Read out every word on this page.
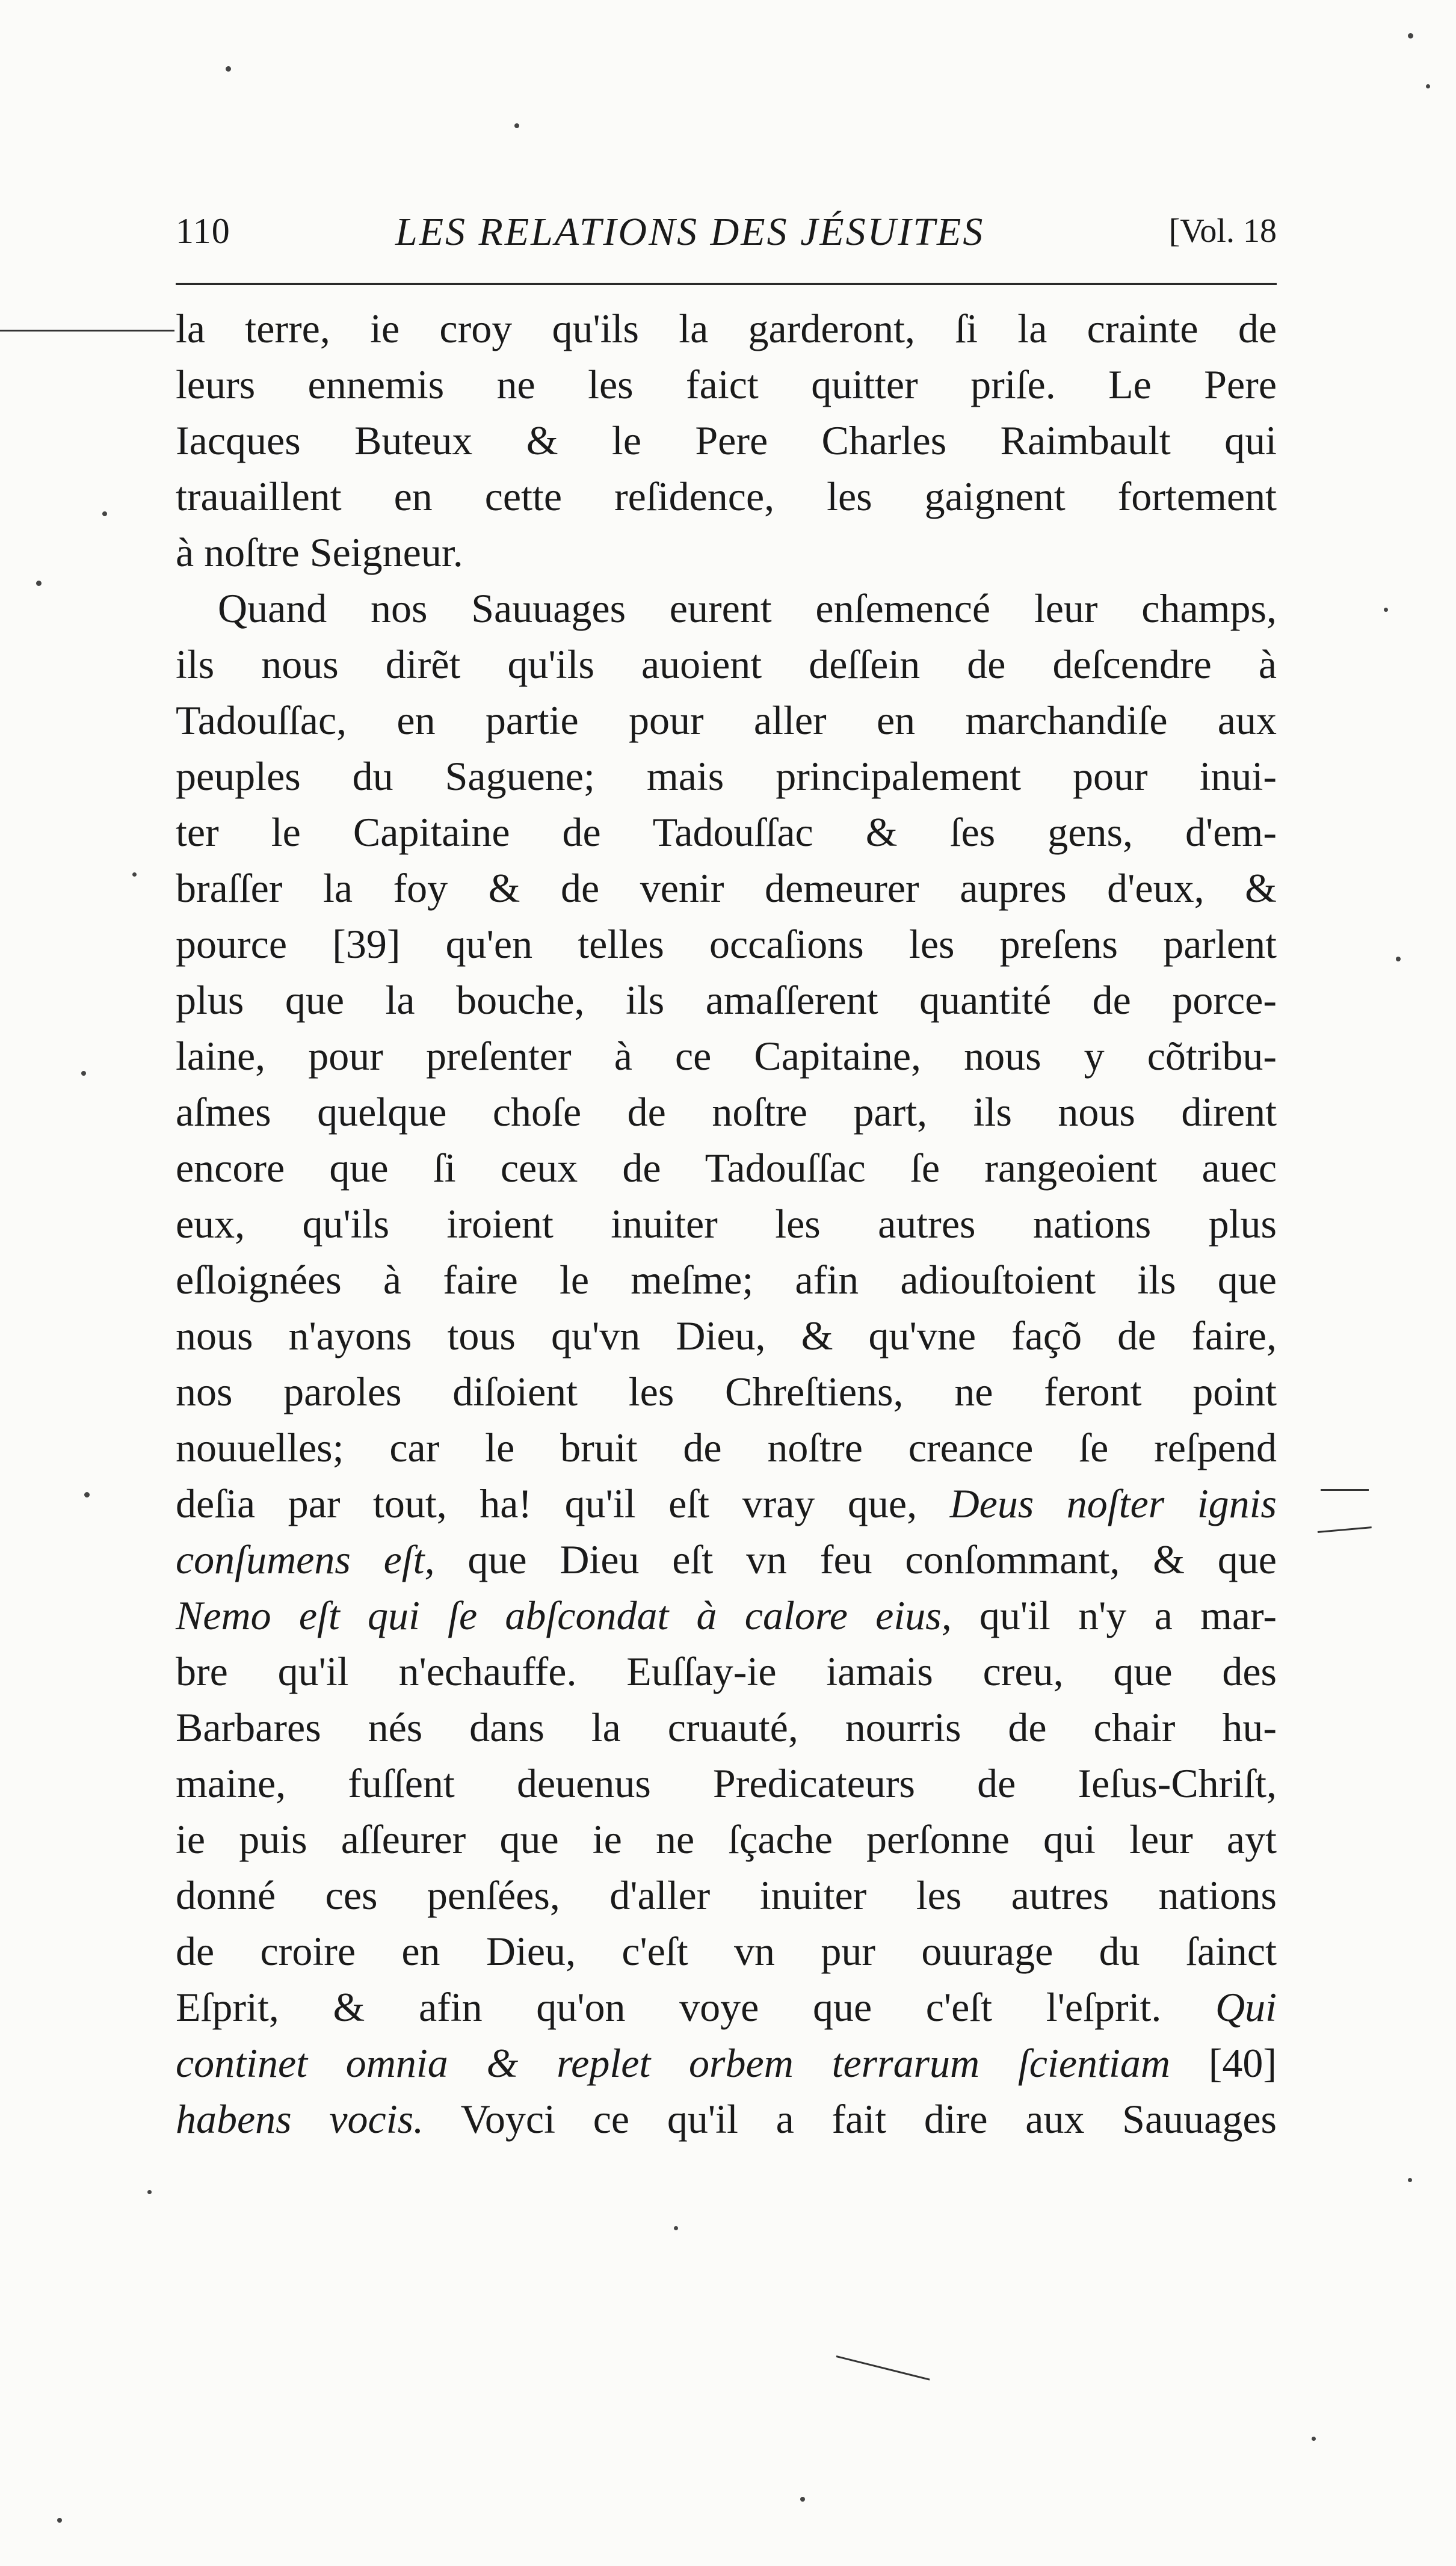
110	LES RELATIONS DES JÉSUITES	[Vol. 18
la terre, ie croy qu'ils la garderont, ſi la crainte de
leurs ennemis ne les faict quitter priſe. Le Pere
Iacques Buteux & le Pere Charles Raimbault qui
trauaillent en cette reſidence, les gaignent fortement
à noſtre Seigneur.
Quand nos Sauuages eurent enſemencé leur champs,
ils nous dirẽt qu'ils auoient deſſein de deſcendre à
Tadouſſac, en partie pour aller en marchandiſe aux
peuples du Saguene; mais principalement pour inui-
ter le Capitaine de Tadouſſac & ſes gens, d'em-
braſſer la foy & de venir demeurer aupres d'eux, &
pource [39] qu'en telles occaſions les preſens parlent
plus que la bouche, ils amaſſerent quantité de porce-
laine, pour preſenter à ce Capitaine, nous y cõtribu-
aſmes quelque choſe de noſtre part, ils nous dirent
encore que ſi ceux de Tadouſſac ſe rangeoient auec
eux, qu'ils iroient inuiter les autres nations plus
eſloignées à faire le meſme; afin adiouſtoient ils que
nous n'ayons tous qu'vn Dieu, & qu'vne façõ de faire,
nos paroles diſoient les Chreſtiens, ne feront point
nouuelles; car le bruit de noſtre creance ſe reſpend
deſia par tout, ha! qu'il eſt vray que, Deus noſter ignis
conſumens eſt, que Dieu eſt vn feu conſommant, & que
Nemo eſt qui ſe abſcondat à calore eius, qu'il n'y a mar-
bre qu'il n'echauffe. Euſſay-ie iamais creu, que des
Barbares nés dans la cruauté, nourris de chair hu-
maine, fuſſent deuenus Predicateurs de Ieſus-Chriſt,
ie puis aſſeurer que ie ne ſçache perſonne qui leur ayt
donné ces penſées, d'aller inuiter les autres nations
de croire en Dieu, c'eſt vn pur ouurage du ſainct
Eſprit, & afin qu'on voye que c'eſt l'eſprit. Qui
continet omnia & replet orbem terrarum ſcientiam [40]
habens vocis. Voyci ce qu'il a fait dire aux Sauuages
